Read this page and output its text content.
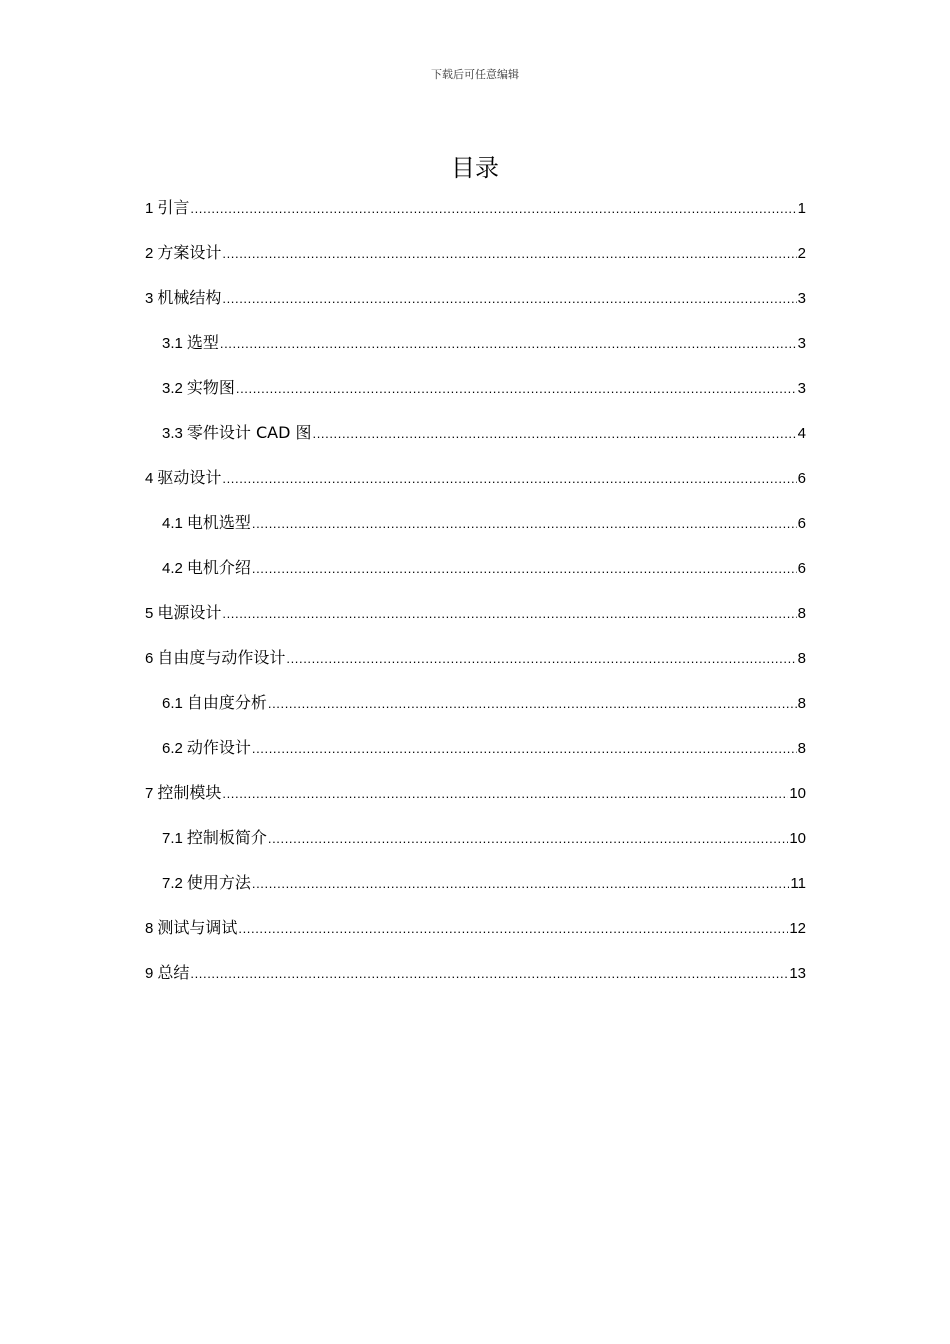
下载后可任意编辑
目录
1 引言 .....	1
2 方案设计 .....	2
3 机械结构 .....	3
3.1 选型 .....	3
3.2 实物图 .....	3
3.3 零件设计 CAD 图 .....	4
4 驱动设计 .....	6
4.1 电机选型 .....	6
4.2 电机介绍 .....	6
5 电源设计 .....	8
6 自由度与动作设计 .....	8
6.1 自由度分析 .....	8
6.2 动作设计 .....	8
7 控制模块 .....	10
7.1 控制板简介 .....	10
7.2 使用方法 .....	11
8 测试与调试 .....	12
9 总结 .....	13
